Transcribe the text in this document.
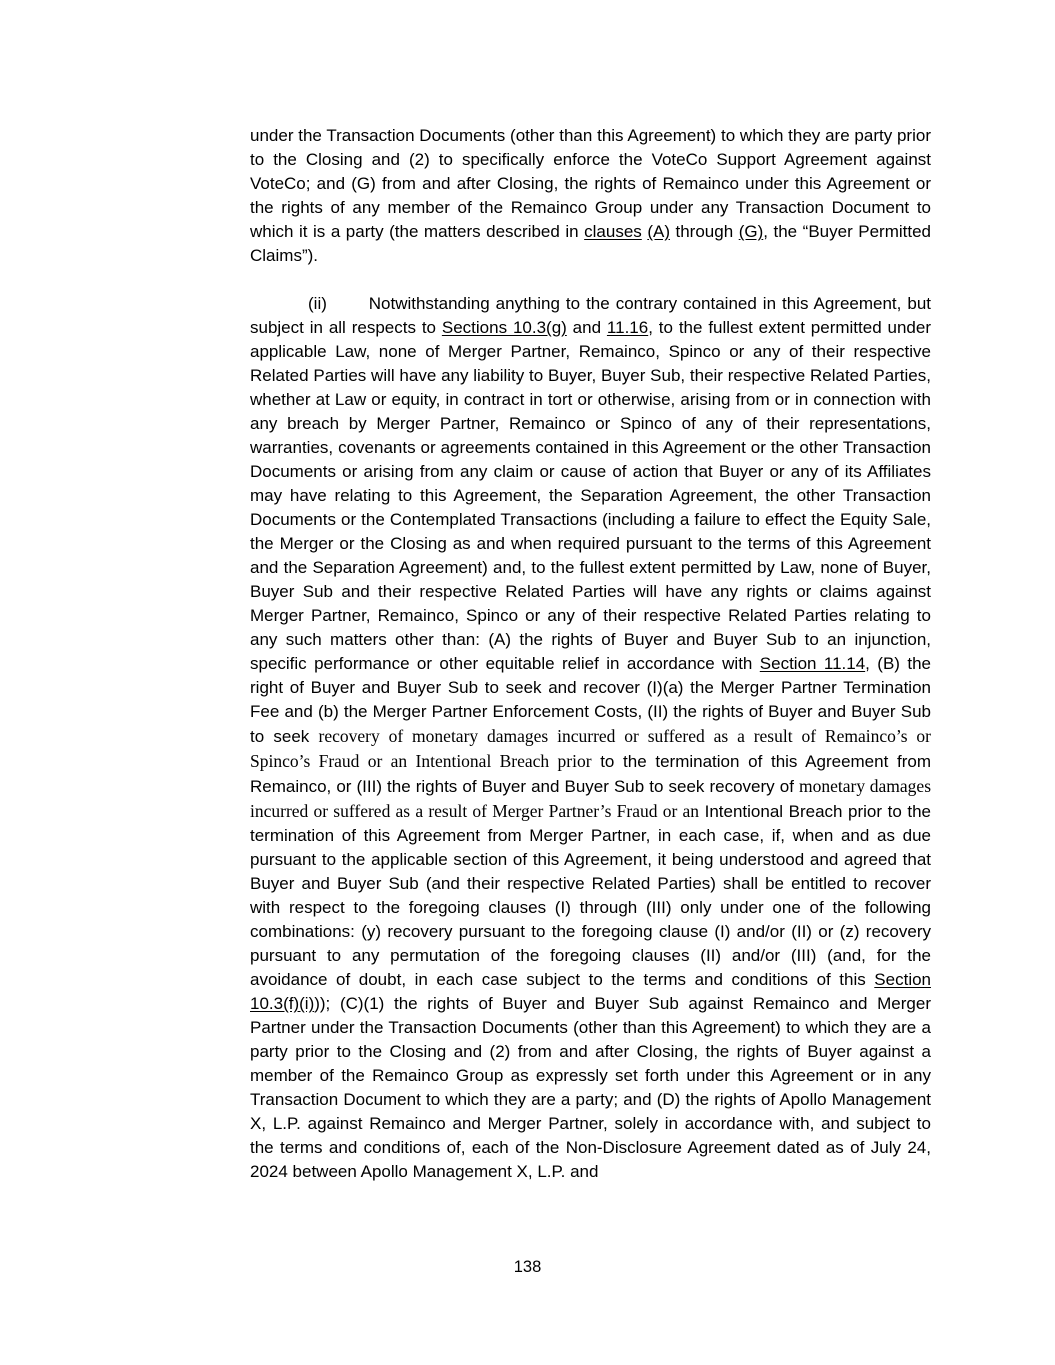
under the Transaction Documents (other than this Agreement) to which they are party prior to the Closing and (2) to specifically enforce the VoteCo Support Agreement against VoteCo; and (G) from and after Closing, the rights of Remainco under this Agreement or the rights of any member of the Remainco Group under any Transaction Document to which it is a party (the matters described in clauses (A) through (G), the “Buyer Permitted Claims”).

(ii)       Notwithstanding anything to the contrary contained in this Agreement, but subject in all respects to Sections 10.3(g) and 11.16, to the fullest extent permitted under applicable Law, none of Merger Partner, Remainco, Spinco or any of their respective Related Parties will have any liability to Buyer, Buyer Sub, their respective Related Parties, whether at Law or equity, in contract in tort or otherwise, arising from or in connection with any breach by Merger Partner, Remainco or Spinco of any of their representations, warranties, covenants or agreements contained in this Agreement or the other Transaction Documents or arising from any claim or cause of action that Buyer or any of its Affiliates may have relating to this Agreement, the Separation Agreement, the other Transaction Documents or the Contemplated Transactions (including a failure to effect the Equity Sale, the Merger or the Closing as and when required pursuant to the terms of this Agreement and the Separation Agreement) and, to the fullest extent permitted by Law, none of Buyer, Buyer Sub and their respective Related Parties will have any rights or claims against Merger Partner, Remainco, Spinco or any of their respective Related Parties relating to any such matters other than: (A) the rights of Buyer and Buyer Sub to an injunction, specific performance or other equitable relief in accordance with Section 11.14, (B) the right of Buyer and Buyer Sub to seek and recover (I)(a) the Merger Partner Termination Fee and (b) the Merger Partner Enforcement Costs, (II) the rights of Buyer and Buyer Sub to seek recovery of monetary damages incurred or suffered as a result of Remainco’s or Spinco’s Fraud or an Intentional Breach prior to the termination of this Agreement from Remainco, or (III) the rights of Buyer and Buyer Sub to seek recovery of monetary damages incurred or suffered as a result of Merger Partner’s Fraud or an Intentional Breach prior to the termination of this Agreement from Merger Partner, in each case, if, when and as due pursuant to the applicable section of this Agreement, it being understood and agreed that Buyer and Buyer Sub (and their respective Related Parties) shall be entitled to recover with respect to the foregoing clauses (I) through (III) only under one of the following combinations: (y) recovery pursuant to the foregoing clause (I) and/or (II) or (z) recovery pursuant to any permutation of the foregoing clauses (II) and/or (III) (and, for the avoidance of doubt, in each case subject to the terms and conditions of this Section 10.3(f)(i))); (C)(1) the rights of Buyer and Buyer Sub against Remainco and Merger Partner under the Transaction Documents (other than this Agreement) to which they are a party prior to the Closing and (2) from and after Closing, the rights of Buyer against a member of the Remainco Group as expressly set forth under this Agreement or in any Transaction Document to which they are a party; and (D) the rights of Apollo Management X, L.P. against Remainco and Merger Partner, solely in accordance with, and subject to the terms and conditions of, each of the Non-Disclosure Agreement dated as of July 24, 2024 between Apollo Management X, L.P. and

138
